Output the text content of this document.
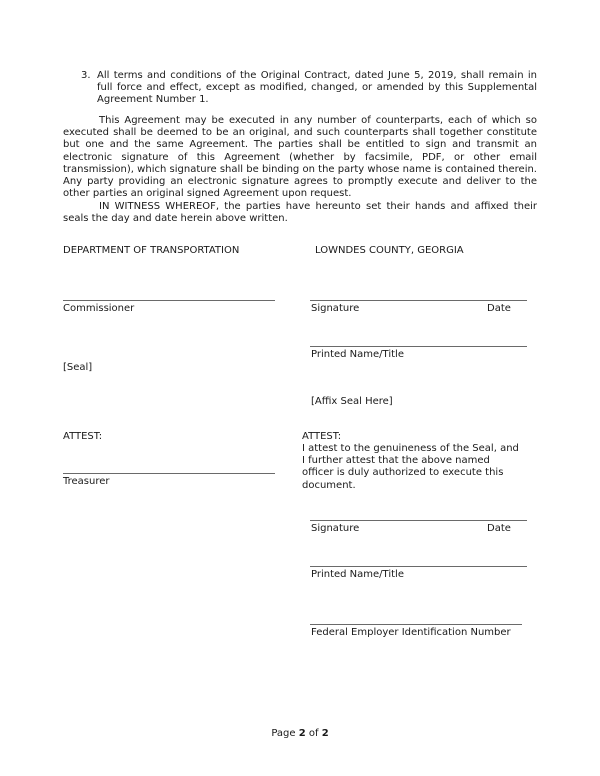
3. All terms and conditions of the Original Contract, dated June 5, 2019, shall remain in full force and effect, except as modified, changed, or amended by this Supplemental Agreement Number 1.
This Agreement may be executed in any number of counterparts, each of which so executed shall be deemed to be an original, and such counterparts shall together constitute but one and the same Agreement. The parties shall be entitled to sign and transmit an electronic signature of this Agreement (whether by facsimile, PDF, or other email transmission), which signature shall be binding on the party whose name is contained therein. Any party providing an electronic signature agrees to promptly execute and deliver to the other parties an original signed Agreement upon request.
IN WITNESS WHEREOF, the parties have hereunto set their hands and affixed their seals the day and date herein above written.
DEPARTMENT OF TRANSPORTATION	LOWNDES COUNTY, GEORGIA
Commissioner	Signature	Date
Printed Name/Title
[Seal]
[Affix Seal Here]
ATTEST:	ATTEST:
I attest to the genuineness of the Seal, and I further attest that the above named officer is duly authorized to execute this document.
Treasurer
Signature	Date
Printed Name/Title
Federal Employer Identification Number
Page 2 of 2
